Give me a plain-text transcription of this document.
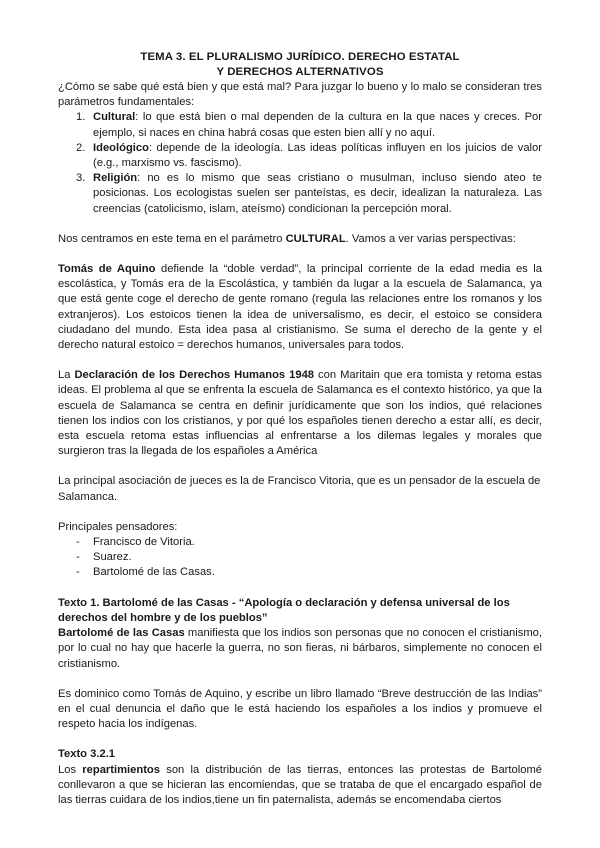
TEMA 3. EL PLURALISMO JURÍDICO. DERECHO ESTATAL

Y DERECHOS ALTERNATIVOS

¿Cómo se sabe qué está bien y que está mal? Para juzgar lo bueno y lo malo se consideran tres parámetros fundamentales:

1. Cultural: lo que está bien o mal dependen de la cultura en la que naces y creces. Por ejemplo, si naces en china habrá cosas que esten bien allí y no aquí.
2. Ideológico: depende de la ideología. Las ideas políticas influyen en los juicios de valor (e.g., marxismo vs. fascismo).
3. Religión: no es lo mismo que seas cristiano o musulman, incluso siendo ateo te posicionas. Los ecologistas suelen ser panteístas, es decir, idealizan la naturaleza. Las creencias (catolicismo, islam, ateísmo) condicionan la percepción moral.

Nos centramos en este tema en el parámetro CULTURAL. Vamos a ver varias perspectivas:

Tomás de Aquino defiende la “doble verdad”, la principal corriente de la edad media es la escolástica, y Tomás era de la Escolástica, y también da lugar a la escuela de Salamanca, ya que está gente coge el derecho de gente romano (regula las relaciones entre los romanos y los extranjeros). Los estoicos tienen la idea de universalismo, es decir, el estoico se considera ciudadano del mundo. Esta idea pasa al cristianismo. Se suma el derecho de la gente y el derecho natural estoico = derechos humanos, universales para todos.

La Declaración de los Derechos Humanos 1948 con Maritain que era tomista y retoma estas ideas. El problema al que se enfrenta la escuela de Salamanca es el contexto histórico, ya que la escuela de Salamanca se centra en definir jurídicamente que son los indios, qué relaciones tienen los indios con los cristianos, y por qué los españoles tienen derecho a estar allí, es decir, esta escuela retoma estas influencias al enfrentarse a los dilemas legales y morales que surgieron tras la llegada de los españoles a América

La principal asociación de jueces es la de Francisco Vitoria, que es un pensador de la escuela de Salamanca.

Principales pensadores:

- Francisco de Vitoria.
- Suarez.
- Bartolomé de las Casas.

Texto 1. Bartolomé de las Casas - “Apología o declaración y defensa universal de los derechos del hombre y de los pueblos”

Bartolomé de las Casas manifiesta que los indios son personas que no conocen el cristianismo, por lo cual no hay que hacerle la guerra, no son fieras, ni bárbaros, simplemente no conocen el cristianismo.

Es dominico como Tomás de Aquino, y escribe un libro llamado “Breve destrucción de las Indias” en el cual denuncia el daño que le está haciendo los españoles a los indios y promueve el respeto hacia los indígenas.

Texto 3.2.1

Los repartimientos son la distribución de las tierras, entonces las protestas de Bartolomé conllevaron a que se hicieran las encomiendas, que se trataba de que el encargado español de las tierras cuidara de los indios,tiene un fin paternalista, además se encomendaba ciertos
